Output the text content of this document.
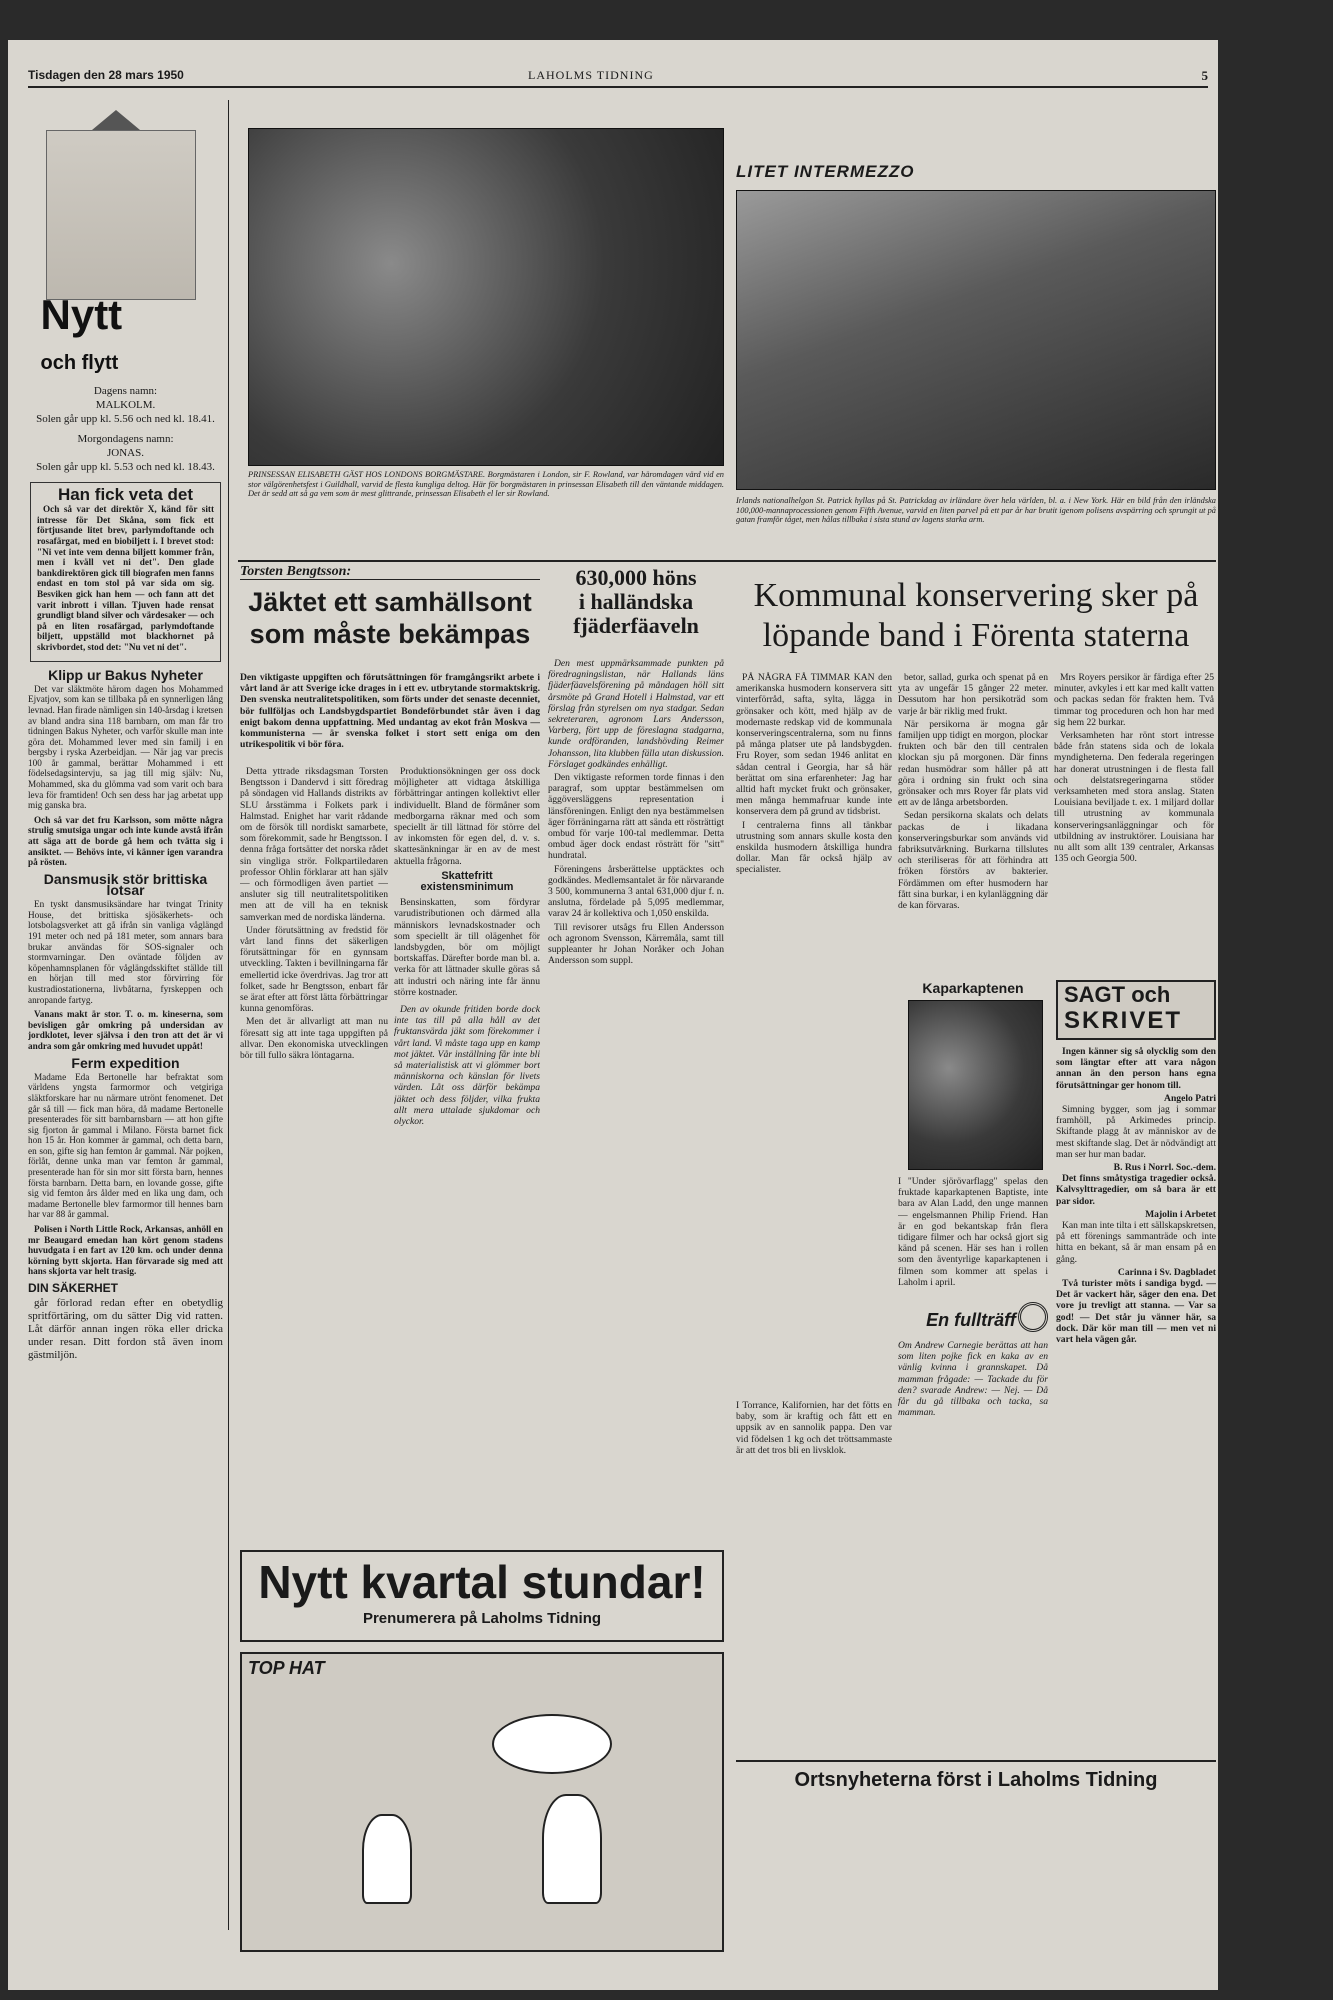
Tisdagen den 28 mars 1950	LAHOLMS TIDNING	5
Nytt
och flytt
Dagens namn:
MALKOLM.
Solen går upp kl. 5.56 och ned kl. 18.41.
Morgondagens namn:
JONAS.
Solen går upp kl. 5.53 och ned kl. 18.43.
Han fick veta det

Och så var det direktör X, känd för sitt intresse för Det Skåna, som fick ett förtjusande litet brev, parlymdoftande och rosafärgat, med en biobiljett i. I brevet stod: "Ni vet inte vem denna biljett kommer från, men i kväll vet ni det". Den glade bankdirektören gick till biografen men fanns endast en tom stol på var sida om sig. Besviken gick han hem — och fann att det varit inbrott i villan. Tjuven hade rensat grundligt bland silver och värdesaker — och på en liten rosafärgad, parlymdoftande biljett, uppställd mot blackhornet på skrivbordet, stod det: "Nu vet ni det".

Klipp ur Bakus Nyheter

Det var släktmöte härom dagen hos Mohammed Ejvatjov, som kan se tillbaka på en synnerligen lång levnad. Han firade nämligen sin 140-årsdag i kretsen av bland andra sina 118 barnbarn, om man får tro tidningen Bakus Nyheter, och varför skulle man inte göra det. Mohammed lever med sin familj i en bergsby i ryska Azerbeidjan. — När jag var precis 100 år gammal, berättar Mohammed i ett födelsedagsintervju, sa jag till mig själv: Nu, Mohammed, ska du glömma vad som varit och bara leva för framtiden! Och sen dess har jag arbetat upp mig ganska bra.

Och så var det fru Karlsson, som mötte några strulig smutsiga ungar och inte kunde avstå ifrån att säga att de borde gå hem och tvätta sig i ansiktet. — Behövs inte, vi känner igen varandra på rösten.

Dansmusik stör brittiska lotsar

En tyskt dansmusiksändare har tvingat Trinity House, det brittiska sjösäkerhets- och lotsbolagsverket att gå ifrån sin vanliga våglängd 191 meter och ned på 181 meter, som annars bara brukar användas för SOS-signaler och stormvarningar. Den oväntade följden av köpenhamnsplanen för våglängdsskiftet ställde till en hörjan till med stor förvirring för kustradiostationerna, livbåtarna, fyrskeppen och anropande fartyg.

Vanans makt är stor. T. o. m. kineserna, som bevisligen går omkring på undersidan av jordklotet, lever självsa i den tron att det är vi andra som går omkring med huvudet uppåt!

Ferm expedition

Madame Eda Bertonelle har befraktat som världens yngsta farmormor och vetgiriga släktforskare har nu närmare utrönt fenomenet. Det går så till — fick man höra, då madame Bertonelle presenterades för sitt barnbarnsbarn — att hon gifte sig fjorton år gammal i Milano. Första barnet fick hon 15 år. Hon kommer är gammal, och detta barn, en son, gifte sig han femton år gammal. När pojken, förlåt, denne unka man var femton år gammal, presenterade han för sin mor sitt första barn, hennes första barnbarn. Detta barn, en lovande gosse, gifte sig vid femton års ålder med en lika ung dam, och madame Bertonelle blev farmormor till hennes barn har var 88 år gammal.

Polisen i North Little Rock, Arkansas, anhöll en mr Beaugard emedan han kört genom stadens huvudgata i en fart av 120 km. och under denna körning bytt skjorta. Han förvarade sig med att hans skjorta var helt trasig.

DIN SÄKERHET

går förlorad redan efter en obetydlig spritförtäring, om du sätter Dig vid ratten. Låt därför annan ingen röka eller dricka under resan. Ditt fordon stå även inom gästmiljön.

PRINSESSAN ELISABETH GÄST HOS LONDONS BORGMÄSTARE. Borgmästaren i London, sir F. Rowland, var häromdagen värd vid en stor välgörenhetsfest i Guildhall, varvid de flesta kungliga deltog. Här för borgmästaren in prinsessan Elisabeth till den väntande middagen. Det är sedd att så ga vem som är mest glittrande, prinsessan Elisabeth el ler sir Rowland.
LITET INTERMEZZO
Irlands nationalhelgon St. Patrick hyllas på St. Patrickdag av irländare över hela världen, bl. a. i New York. Här en bild från den irländska 100,000-mannaprocessionen genom Fifth Avenue, varvid en liten parvel på ett par år har brutit igenom polisens avspärring och sprungit ut på gatan framför tåget, men hålas tillbaka i sista stund av lagens starka arm.
Torsten Bengtsson:
Jäktet ett samhällsont
som måste bekämpas
Den viktigaste uppgiften och förutsättningen för framgångsrikt arbete i vårt land är att Sverige icke drages in i ett ev. utbrytande stormaktskrig. Den svenska neutralitetspolitiken, som förts under det senaste decenniet, bör fullföljas och Landsbygdspartiet Bondeförbundet står även i dag enigt bakom denna uppfattning. Med undantag av ekot från Moskva — kommunisterna — är svenska folket i stort sett eniga om den utrikespolitik vi bör föra.

Detta yttrade riksdagsman Torsten Bengtsson i Dandervd i sitt föredrag på söndagen vid Hallands distrikts av SLU årsstämma i Folkets park i Halmstad. Enighet har varit rådande om de försök till nordiskt samarbete, som förekommit, sade hr Bengtsson. I denna fråga fortsätter det norska rådet sin vingliga strör. Folkpartiledaren professor Ohlin förklarar att han själv — och förmodligen även partiet — ansluter sig till neutralitetspolitiken men att de vill ha en teknisk samverkan med de nordiska länderna.

Under förutsättning av fredstid för vårt land finns det säkerligen förutsättningar för en gynnsam utveckling. Takten i bevillningarna får emellertid icke överdrivas. Jag tror att folket, sade hr Bengtsson, enbart får se ärat efter att först lätta förbättringar kunna genomföras.

Men det är allvarligt att man nu föresatt sig att inte taga uppgiften på allvar. Den ekonomiska utvecklingen bör till fullo säkra löntagarna.

Produktionsökningen ger oss dock möjligheter att vidtaga åtskilliga förbättringar antingen kollektivt eller individuellt. Bland de förmåner som medborgarna räknar med och som speciellt är till lättnad för större del av inkomsten för egen del, d. v. s. skattesänkningar är en av de mest aktuella frågorna.

Skattefritt existensminimum

Bensinskatten, som fördyrar varudistributionen och därmed alla människors levnadskostnader och som speciellt är till olägenhet för landsbygden, bör om möjligt bortskaffas. Därefter borde man bl. a. verka för att lättnader skulle göras så att industri och näring inte får ännu större kostnader.

Den av okunde fritiden borde dock inte tas till på alla håll av det fruktansvärda jäkt som förekommer i vårt land. Vi måste taga upp en kamp mot jäktet. Vår inställning får inte bli så materialistisk att vi glömmer bort människorna och känslan för livets värden. Låt oss därför bekämpa jäktet och dess följder, vilka frukta allt mera uttalade sjukdomar och olyckor.

630,000 höns
i halländska
fjäderfäaveln

Den mest uppmärksammade punkten på föredragningslistan, när Hallands läns fjäderfäavelsförening på måndagen höll sitt årsmöte på Grand Hotell i Halmstad, var ett förslag från styrelsen om nya stadgar. Sedan sekreteraren, agronom Lars Andersson, Varberg, fört upp de föreslagna stadgarna, kunde ordföranden, landshövding Reimer Johansson, lita klubben fälla utan diskussion. Förslaget godkändes enhälligt.

Den viktigaste reformen torde finnas i den paragraf, som upptar bestämmelsen om äggöversläggens representation i länsföreningen. Enligt den nya bestämmelsen äger förräningarna rätt att sända ett rösträttigt ombud för varje 100-tal medlemmar. Detta ombud äger dock endast rösträtt för "sitt" hundratal.

Föreningens årsberättelse upptäcktes och godkändes. Medlemsantalet är för närvarande 3 500, kommunerna 3 antal 631,000 djur f. n. anslutna, fördelade på 5,095 medlemmar, varav 24 är kollektiva och 1,050 enskilda.

Till revisorer utsågs fru Ellen Andersson och agronom Svensson, Kärremåla, samt till suppleanter hr Johan Noråker och Johan Andersson som suppl.

Kommunal konservering sker på
löpande band i Förenta staterna

PÅ NÅGRA FÅ TIMMAR KAN den amerikanska husmodern konservera sitt vinterförråd, safta, sylta, lägga in grönsaker och kött, med hjälp av de modernaste redskap vid de kommunala konserveringscentralerna, som nu finns på många platser ute på landsbygden. Fru Royer, som sedan 1946 anlitat en sådan central i Georgia, har så här berättat om sina erfarenheter: Jag har alltid haft mycket frukt och grönsaker, men många hemmafruar kunde inte konservera dem på grund av tidsbrist.

I centralerna finns all tänkbar utrustning som annars skulle kosta den enskilda husmodern åtskilliga hundra dollar. Man får också hjälp av specialister.

betor, sallad, gurka och spenat på en yta av ungefär 15 gånger 22 meter. Dessutom har hon persikoträd som varje år bär riklig med frukt.

När persikorna är mogna går familjen upp tidigt en morgon, plockar frukten och bär den till centralen klockan sju på morgonen. Där finns redan husmödrar som håller på att göra i ordning sin frukt och sina grönsaker och mrs Royer får plats vid ett av de långa arbetsborden.

Sedan persikorna skalats och delats packas de i likadana konserveringsburkar som används vid fabriksutvärkning. Burkarna tillslutes och steriliseras för att förhindra att fröken förstörs av bakterier. Fördämmen om efter husmodern har fått sina burkar, i en kylanläggning där de kan förvaras.

Mrs Royers persikor är färdiga efter 25 minuter, avkyles i ett kar med kallt vatten och packas sedan för frakten hem. Två timmar tog proceduren och hon har med sig hem 22 burkar.

Verksamheten har rönt stort intresse både från statens sida och de lokala myndigheterna. Den federala regeringen har donerat utrustningen i de flesta fall och delstatsregeringarna stöder verksamheten med stora anslag. Staten Louisiana beviljade t. ex. 1 miljard dollar till utrustning av kommunala konserveringsanläggningar och för utbildning av instruktörer. Louisiana har nu allt som allt 139 centraler, Arkansas 135 och Georgia 500.

Kaparkaptenen
I "Under sjörövarflagg" spelas den fruktade kaparkaptenen Baptiste, inte bara av Alan Ladd, den unge mannen — engelsmannen Philip Friend. Han är en god bekantskap från flera tidigare filmer och har också gjort sig känd på scenen. Här ses han i rollen som den äventyrlige kaparkaptenen i filmen som kommer att spelas i Laholm i april.
En fullträff
Om Andrew Carnegie berättas att han som liten pojke fick en kaka av en vänlig kvinna i grannskapet. Då mamman frågade: — Tackade du för den? svarade Andrew: — Nej. — Då får du gå tillbaka och tacka, sa mamman.
SAGT och
SKRIVET

Ingen känner sig så olycklig som den som längtar efter att vara någon annan än den person hans egna förutsättningar ger honom till.

Angelo Patri

Simning bygger, som jag i sommar framhöll, på Arkimedes princip. Skiftande plagg åt av människor av de mest skiftande slag. Det är nödvändigt att man ser hur man badar.

B. Rus i Norrl. Soc.-dem.

Det finns småtystiga tragedier också. Kalvsylttragedier, om så bara är ett par sidor.

Majolin i Arbetet

Kan man inte tilta i ett sällskapskretsen, på ett förenings sammanträde och inte hitta en bekant, så är man ensam på en gång.

Carinna i Sv. Dagbladet

Två turister möts i sandiga bygd. — Det är vackert här, säger den ena. Det vore ju trevligt att stanna. — Var sa god! — Det står ju vänner här, sa dock. Där kör man till — men vet ni vart hela vägen går.

I Torrance, Kalifornien, har det fötts en baby, som är kraftig och fått ett en uppsik av en sannolik pappa. Den var vid födelsen 1 kg och det tröttsammaste är att det tros bli en livsklok.
Nytt kvartal stundar!
Prenumerera på Laholms Tidning
TOP HAT
Ortsnyheterna först i Laholms Tidning
